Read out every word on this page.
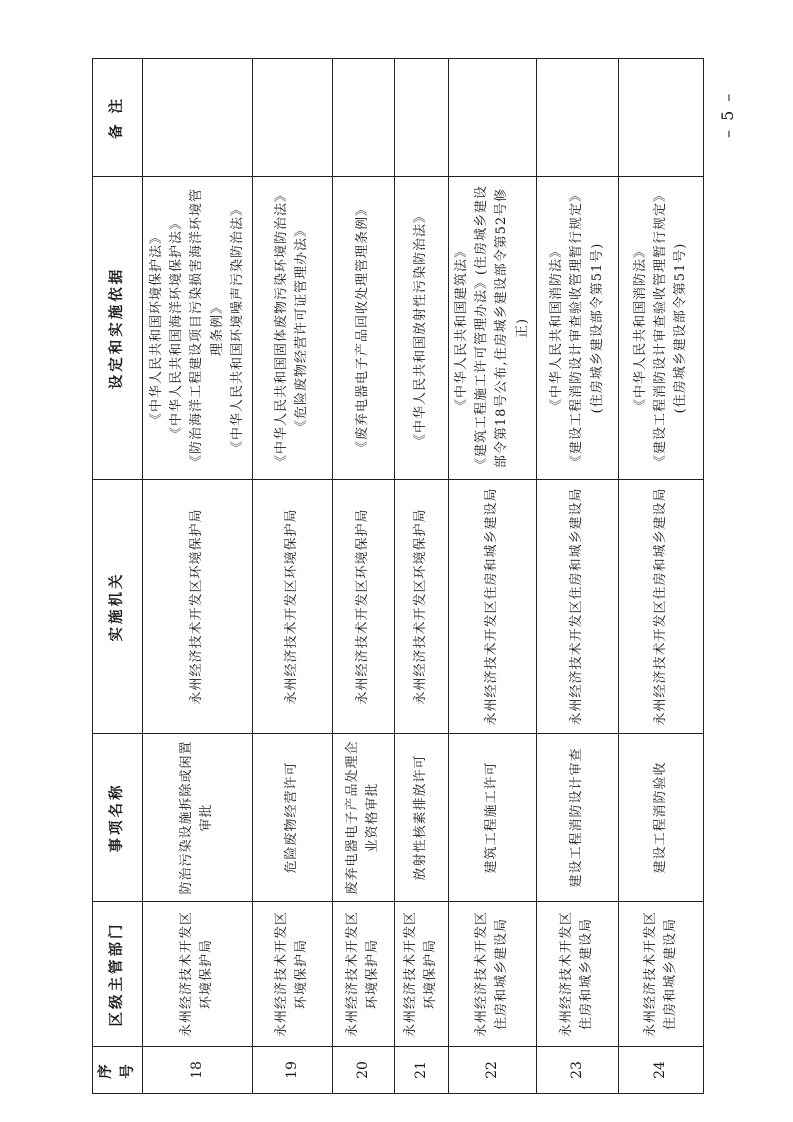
序号	区级主管部门	事项名称	实施机关	设定和实施依据	备 注
18	永州经济技术开发区环境保护局	防治污染设施拆除或闲置审批	永州经济技术开发区环境保护局	《中华人民共和国环境保护法》 《中华人民共和国海洋环境保护法》 《防治海洋工程建设项目污染损害海洋环境管理条例》 《中华人民共和国环境噪声污染防治法》	

19	永州经济技术开发区环境保护局	危险废物经营许可	永州经济技术开发区环境保护局	《中华人民共和国固体废物污染环境防治法》 《危险废物经营许可证管理办法》	

20	永州经济技术开发区环境保护局	废弃电器电子产品处理企业资格审批	永州经济技术开发区环境保护局	《废弃电器电子产品回收处理管理条例》	

21	永州经济技术开发区环境保护局	放射性核素排放许可	永州经济技术开发区环境保护局	《中华人民共和国放射性污染防治法》	

22	永州经济技术开发区住房和城乡建设局	建筑工程施工许可	永州经济技术开发区住房和城乡建设局	《中华人民共和国建筑法》 《建筑工程施工许可管理办法》(住房城乡建设部令第18号公布,住房城乡建设部令第52号修正)	

23	永州经济技术开发区住房和城乡建设局	建设工程消防设计审查	永州经济技术开发区住房和城乡建设局	《中华人民共和国消防法》 《建设工程消防设计审查验收管理暂行规定》(住房城乡建设部令第51号)	

24	永州经济技术开发区住房和城乡建设局	建设工程消防验收	永州经济技术开发区住房和城乡建设局	《中华人民共和国消防法》 《建设工程消防设计审查验收管理暂行规定》(住房城乡建设部令第51号)	

– 5 –
